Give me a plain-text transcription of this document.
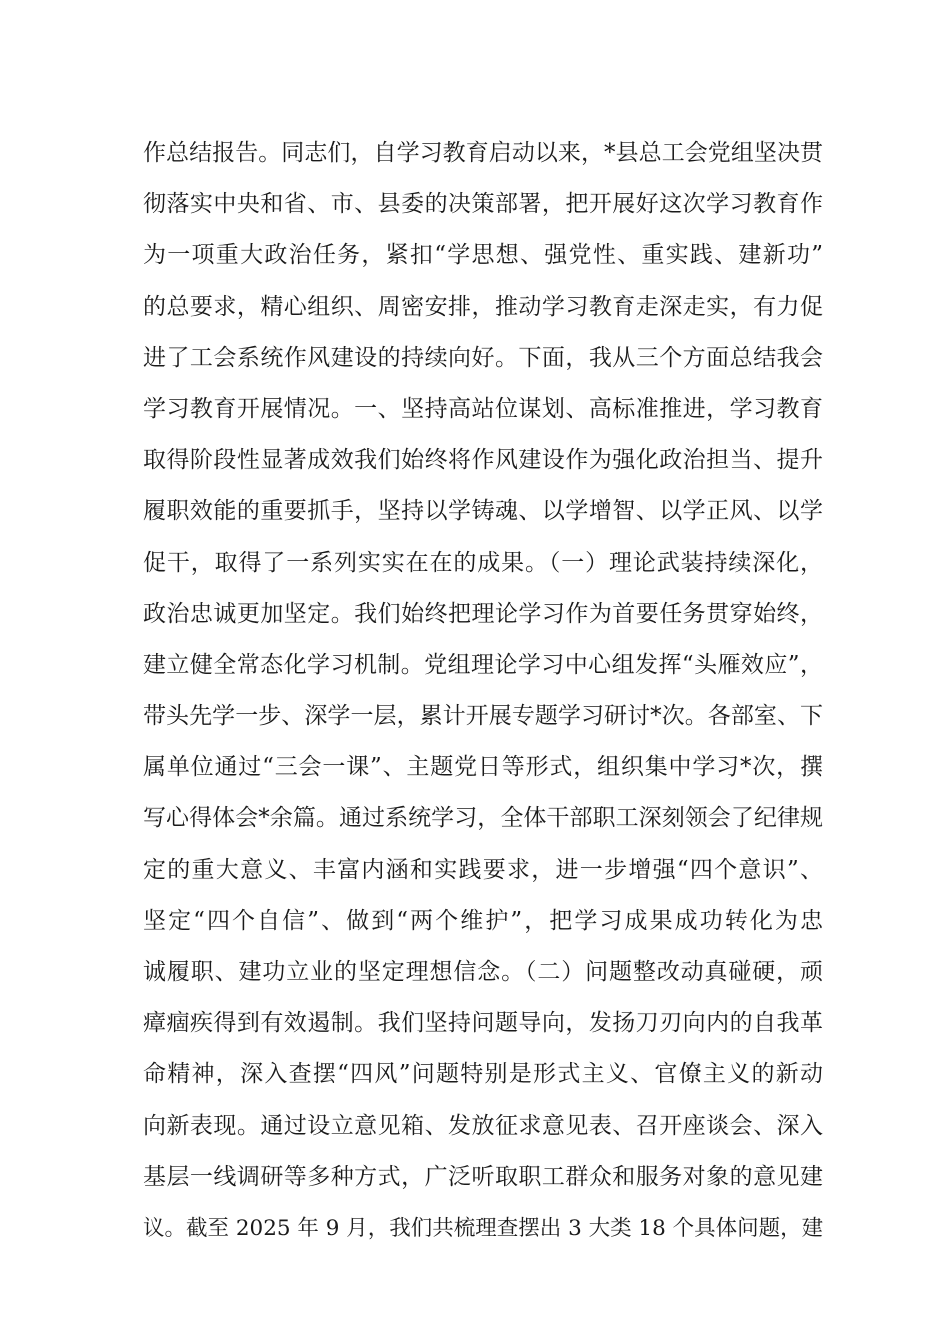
作总结报告。同志们，自学习教育启动以来，*县总工会党组坚决贯
彻落实中央和省、市、县委的决策部署，把开展好这次学习教育作
为一项重大政治任务，紧扣“学思想、强党性、重实践、建新功”
的总要求，精心组织、周密安排，推动学习教育走深走实，有力促
进了工会系统作风建设的持续向好。下面，我从三个方面总结我会
学习教育开展情况。一、坚持高站位谋划、高标准推进，学习教育
取得阶段性显著成效我们始终将作风建设作为强化政治担当、提升
履职效能的重要抓手，坚持以学铸魂、以学增智、以学正风、以学
促干，取得了一系列实实在在的成果。（一）理论武装持续深化，
政治忠诚更加坚定。我们始终把理论学习作为首要任务贯穿始终，
建立健全常态化学习机制。党组理论学习中心组发挥“头雁效应”，
带头先学一步、深学一层，累计开展专题学习研讨*次。各部室、下
属单位通过“三会一课”、主题党日等形式，组织集中学习*次，撰
写心得体会*余篇。通过系统学习，全体干部职工深刻领会了纪律规
定的重大意义、丰富内涵和实践要求，进一步增强“四个意识”、
坚定“四个自信”、做到“两个维护”，把学习成果成功转化为忠
诚履职、建功立业的坚定理想信念。（二）问题整改动真碰硬，顽
瘴痼疾得到有效遏制。我们坚持问题导向，发扬刀刃向内的自我革
命精神，深入查摆“四风”问题特别是形式主义、官僚主义的新动
向新表现。通过设立意见箱、发放征求意见表、召开座谈会、深入
基层一线调研等多种方式，广泛听取职工群众和服务对象的意见建
议。截至 2025 年 9 月，我们共梳理查摆出 3 大类 18 个具体问题，建
